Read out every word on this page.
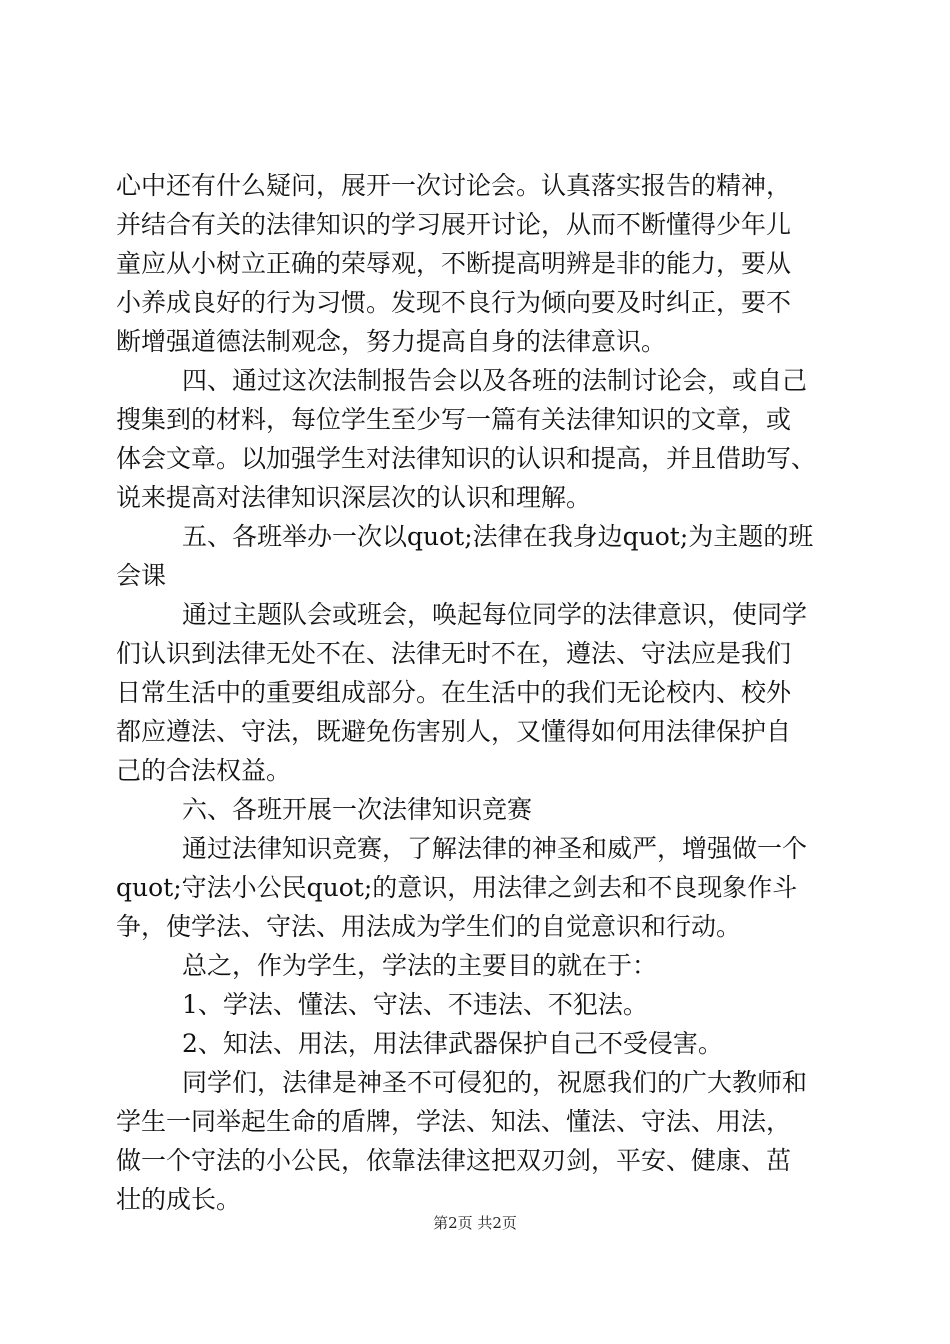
心中还有什么疑问，展开一次讨论会。认真落实报告的精神，
并结合有关的法律知识的学习展开讨论，从而不断懂得少年儿
童应从小树立正确的荣辱观，不断提高明辨是非的能力，要从
小养成良好的行为习惯。发现不良行为倾向要及时纠正，要不
断增强道德法制观念，努力提高自身的法律意识。
四、通过这次法制报告会以及各班的法制讨论会，或自己
搜集到的材料，每位学生至少写一篇有关法律知识的文章，或
体会文章。以加强学生对法律知识的认识和提高，并且借助写、
说来提高对法律知识深层次的认识和理解。
五、各班举办一次以quot;法律在我身边quot;为主题的班
会课
通过主题队会或班会，唤起每位同学的法律意识，使同学
们认识到法律无处不在、法律无时不在，遵法、守法应是我们
日常生活中的重要组成部分。在生活中的我们无论校内、校外
都应遵法、守法，既避免伤害别人，又懂得如何用法律保护自
己的合法权益。
六、各班开展一次法律知识竞赛
通过法律知识竞赛，了解法律的神圣和威严，增强做一个
quot;守法小公民quot;的意识，用法律之剑去和不良现象作斗
争，使学法、守法、用法成为学生们的自觉意识和行动。
总之，作为学生，学法的主要目的就在于：
1、学法、懂法、守法、不违法、不犯法。
2、知法、用法，用法律武器保护自己不受侵害。
同学们，法律是神圣不可侵犯的，祝愿我们的广大教师和
学生一同举起生命的盾牌，学法、知法、懂法、守法、用法，
做一个守法的小公民，依靠法律这把双刃剑，平安、健康、茁
壮的成长。
第2页 共2页
